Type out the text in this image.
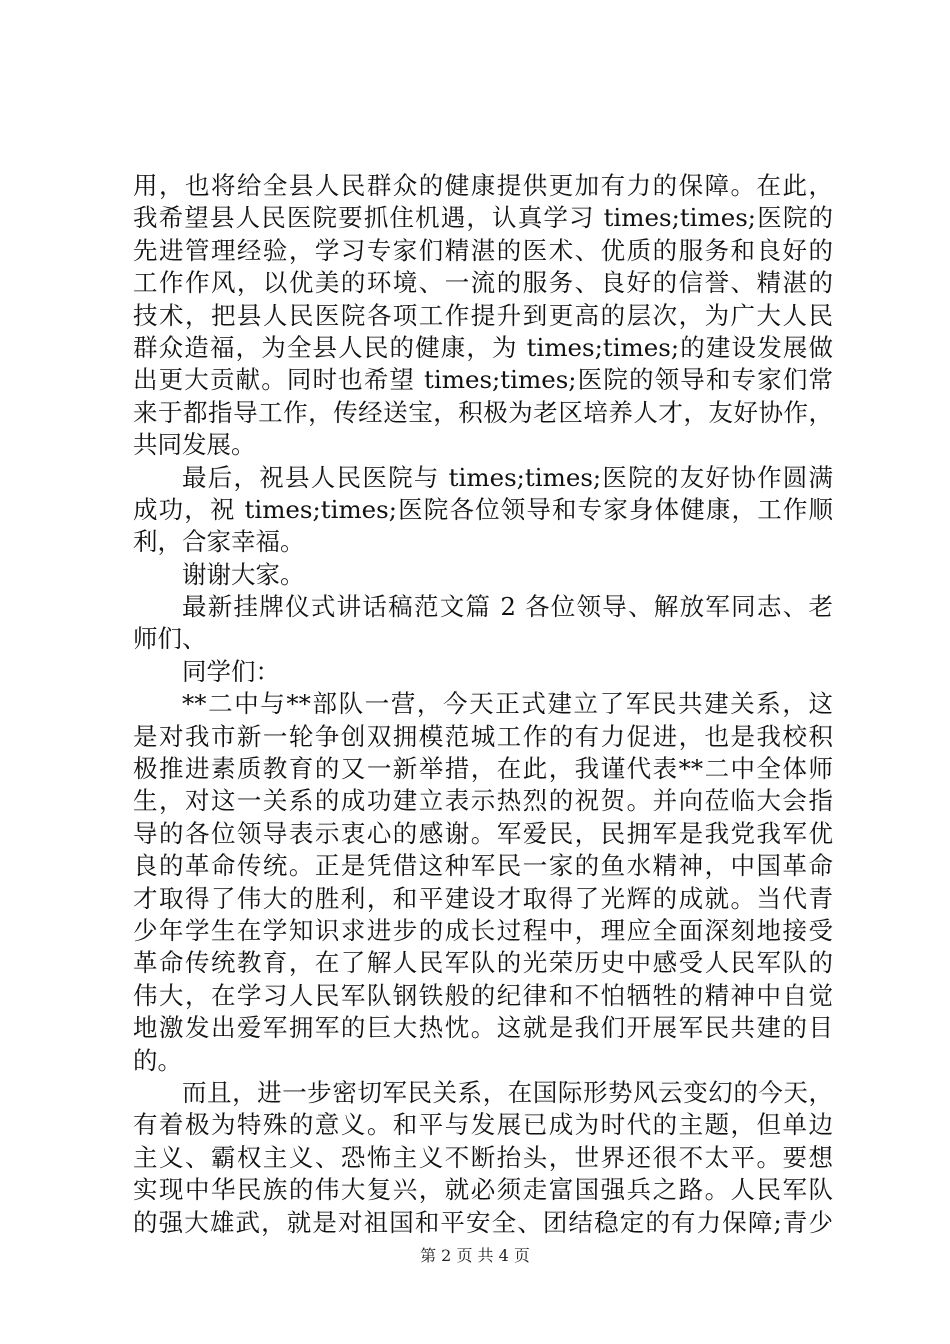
用，也将给全县人民群众的健康提供更加有力的保障。在此，
我希望县人民医院要抓住机遇，认真学习 times;times;医院的
先进管理经验，学习专家们精湛的医术、优质的服务和良好的
工作作风，以优美的环境、一流的服务、良好的信誉、精湛的
技术，把县人民医院各项工作提升到更高的层次，为广大人民
群众造福，为全县人民的健康，为 times;times;的建设发展做
出更大贡献。同时也希望 times;times;医院的领导和专家们常
来于都指导工作，传经送宝，积极为老区培养人才，友好协作，
共同发展。
最后，祝县人民医院与 times;times;医院的友好协作圆满
成功，祝 times;times;医院各位领导和专家身体健康，工作顺
利，合家幸福。
谢谢大家。
最新挂牌仪式讲话稿范文篇 2 各位领导、解放军同志、老
师们、
同学们：
**二中与**部队一营，今天正式建立了军民共建关系，这
是对我市新一轮争创双拥模范城工作的有力促进，也是我校积
极推进素质教育的又一新举措，在此，我谨代表**二中全体师
生，对这一关系的成功建立表示热烈的祝贺。并向莅临大会指
导的各位领导表示衷心的感谢。军爱民，民拥军是我党我军优
良的革命传统。正是凭借这种军民一家的鱼水精神，中国革命
才取得了伟大的胜利，和平建设才取得了光辉的成就。当代青
少年学生在学知识求进步的成长过程中，理应全面深刻地接受
革命传统教育，在了解人民军队的光荣历史中感受人民军队的
伟大，在学习人民军队钢铁般的纪律和不怕牺牲的精神中自觉
地激发出爱军拥军的巨大热忱。这就是我们开展军民共建的目
的。
而且，进一步密切军民关系，在国际形势风云变幻的今天，
有着极为特殊的意义。和平与发展已成为时代的主题，但单边
主义、霸权主义、恐怖主义不断抬头，世界还很不太平。要想
实现中华民族的伟大复兴，就必须走富国强兵之路。人民军队
的强大雄武，就是对祖国和平安全、团结稳定的有力保障;青少
第 2 页 共 4 页
